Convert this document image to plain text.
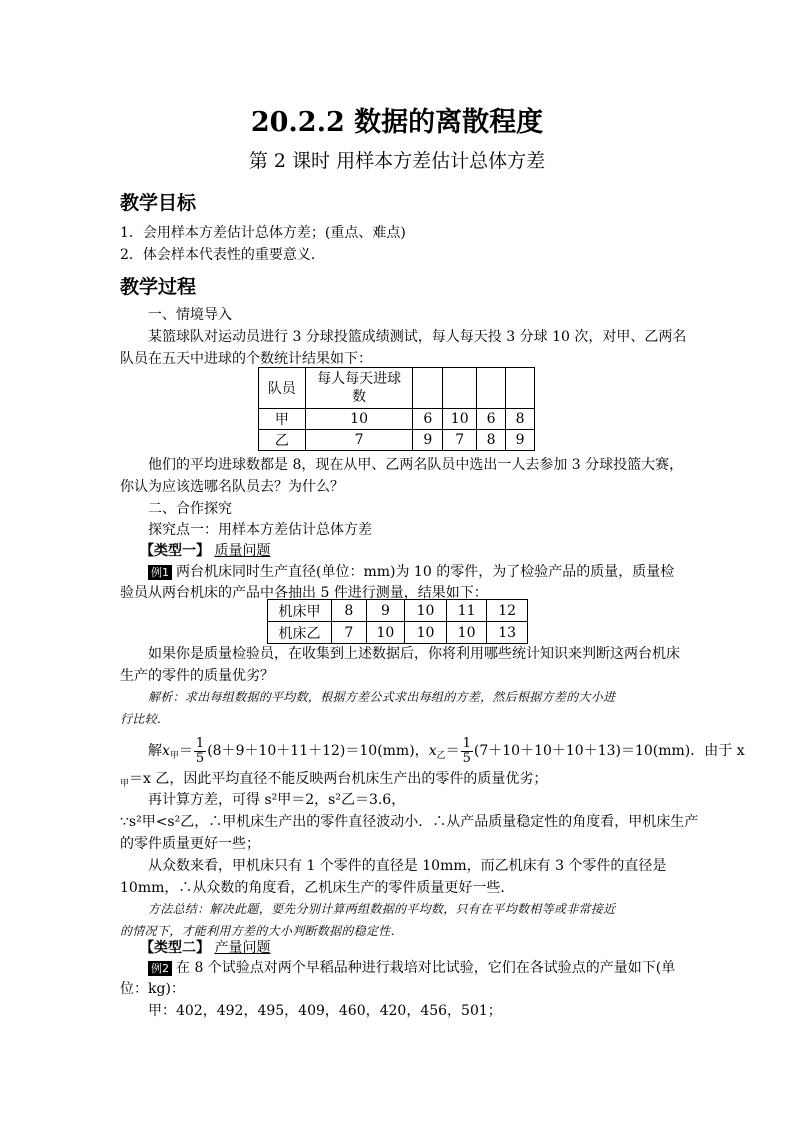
20.2.2 数据的离散程度
第 2 课时 用样本方差估计总体方差
教学目标
1．会用样本方差估计总体方差；(重点、难点)
2．体会样本代表性的重要意义．
教学过程
一、情境导入
某篮球队对运动员进行 3 分球投篮成绩测试，每人每天投 3 分球 10 次，对甲、乙两名
队员在五天中进球的个数统计结果如下：
队员	每人每天进球
数				
甲	10	6	10	6	8
乙	7	9	7	8	9
他们的平均进球数都是 8，现在从甲、乙两名队员中选出一人去参加 3 分球投篮大赛，
你认为应该选哪名队员去？为什么？
二、合作探究
探究点一：用样本方差估计总体方差
【类型一】 质量问题
例1 两台机床同时生产直径(单位：mm)为 10 的零件，为了检验产品的质量，质量检
验员从两台机床的产品中各抽出 5 件进行测量，结果如下：
机床甲	8	9	10	11	12
机床乙	7	10	10	10	13
如果你是质量检验员，在收集到上述数据后，你将利用哪些统计知识来判断这两台机床
生产的零件的质量优劣？
解析：求出每组数据的平均数，根据方差公式求出每组的方差，然后根据方差的大小进
行比较．
解$x_甲= \frac{1}{5} (8+9+10+11+12)=10(mm)$，$x_乙= \frac{1}{5} (7+10+10+10+13)=10(mm)$．由于 x
$_甲$＝x 乙，因此平均直径不能反映两台机床生产出的零件的质量优劣；
再计算方差，可得 s²甲＝2，s²乙＝3.6，
∵s²甲<s²乙，∴甲机床生产出的零件直径波动小．∴从产品质量稳定性的角度看，甲机床生产
的零件质量更好一些；
从众数来看，甲机床只有 1 个零件的直径是 10mm，而乙机床有 3 个零件的直径是
10mm，∴从众数的角度看，乙机床生产的零件质量更好一些．
方法总结：解决此题，要先分别计算两组数据的平均数，只有在平均数相等或非常接近
的情况下，才能利用方差的大小判断数据的稳定性．
【类型二】 产量问题
例2 在 8 个试验点对两个早稻品种进行栽培对比试验，它们在各试验点的产量如下(单
位：kg)：
甲：402，492，495，409，460，420，456，501；
